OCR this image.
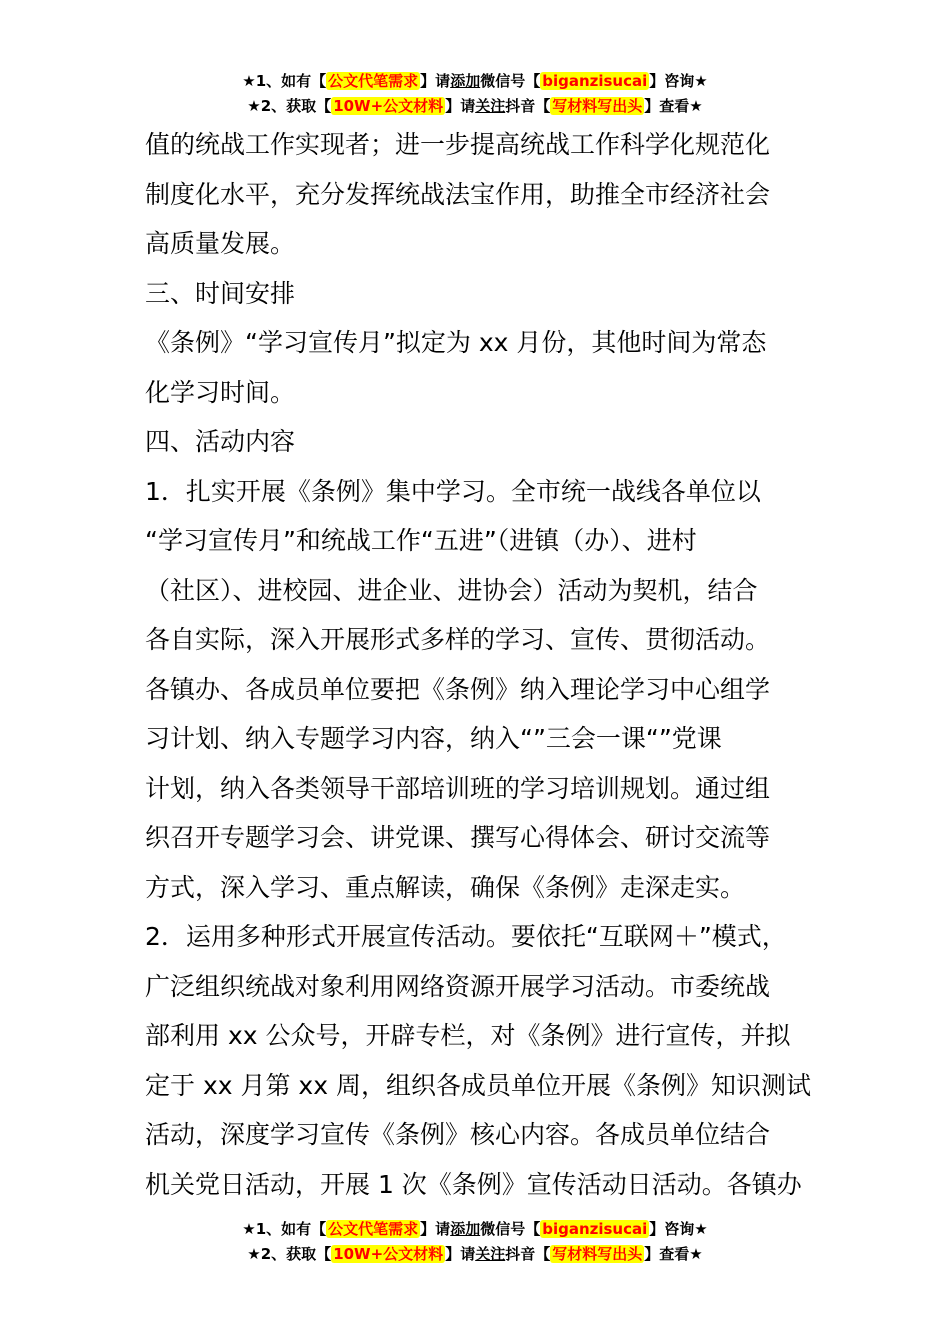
★1、如有【 公文代笔需求 】请添加微信号【 biganzisucai 】咨询★
★2、获取【 10W+公文材料 】请关注抖音【 写材料写出头 】查看★

值的统战工作实现者；进一步提高统战工作科学化规范化

制度化水平，充分发挥统战法宝作用，助推全市经济社会

高质量发展。

三、时间安排

《条例》“学习宣传月”拟定为 xx 月份，其他时间为常态

化学习时间。

四、活动内容

1．扎实开展《条例》集中学习。全市统一战线各单位以

“学习宣传月”和统战工作“五进”（进镇（办）、进村

（社区）、进校园、进企业、进协会）活动为契机，结合

各自实际，深入开展形式多样的学习、宣传、贯彻活动。

各镇办、各成员单位要把《条例》纳入理论学习中心组学

习计划、纳入专题学习内容，纳入“”三会一课“”党课

计划，纳入各类领导干部培训班的学习培训规划。通过组

织召开专题学习会、讲党课、撰写心得体会、研讨交流等

方式，深入学习、重点解读，确保《条例》走深走实。

2．运用多种形式开展宣传活动。要依托“互联网＋”模式，

广泛组织统战对象利用网络资源开展学习活动。市委统战

部利用 xx 公众号，开辟专栏，对《条例》进行宣传，并拟

定于 xx 月第 xx 周，组织各成员单位开展《条例》知识测试

活动，深度学习宣传《条例》核心内容。各成员单位结合

机关党日活动，开展 1 次《条例》宣传活动日活动。各镇办

★1、如有【 公文代笔需求 】请添加微信号【 biganzisucai 】咨询★
★2、获取【 10W+公文材料 】请关注抖音【 写材料写出头 】查看★
